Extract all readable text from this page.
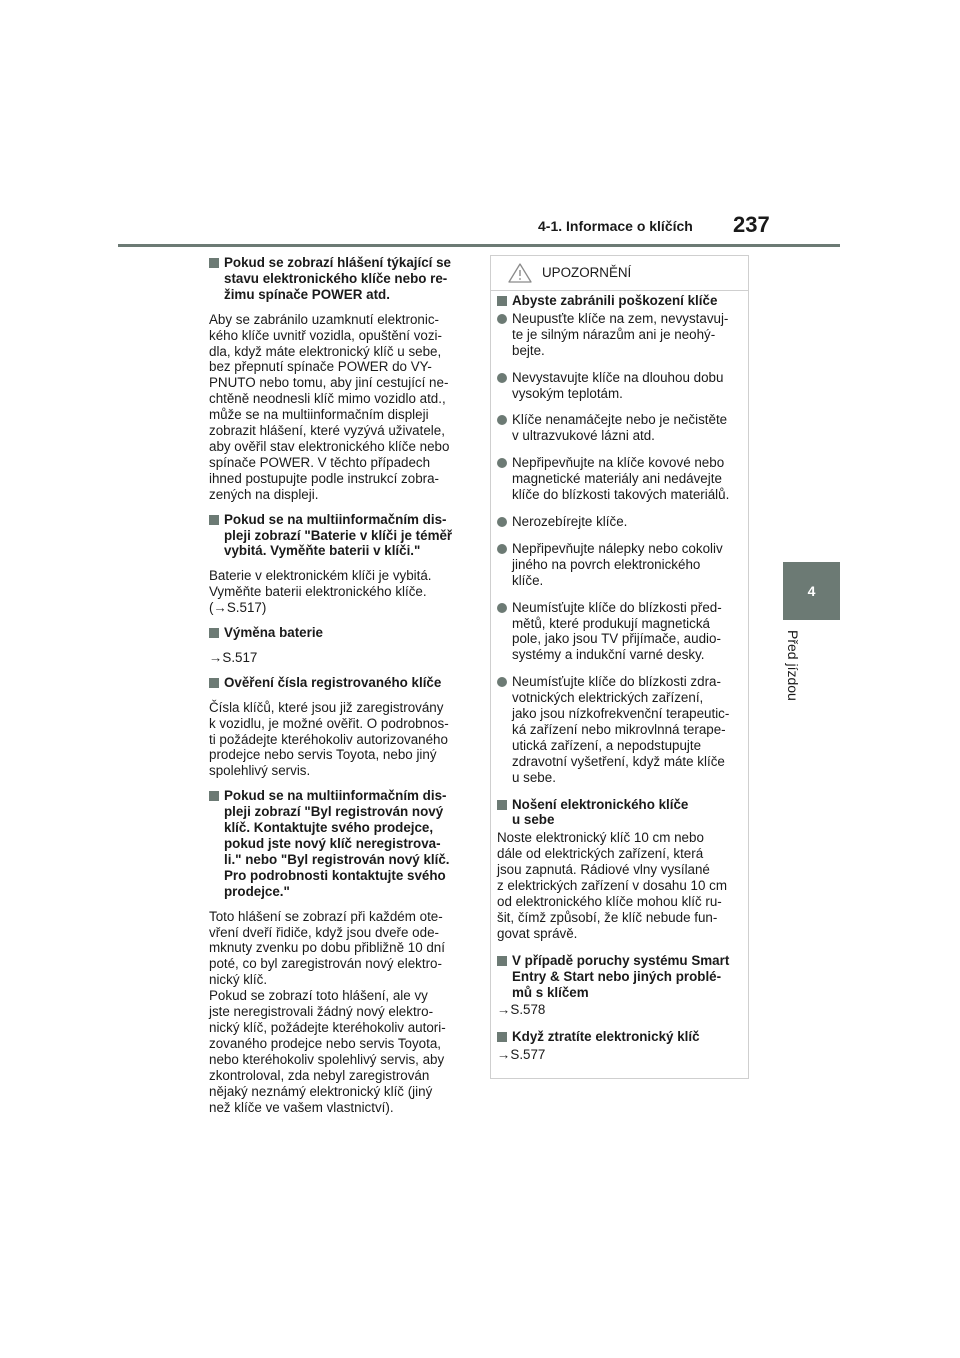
4-1. Informace o klíčích 237
4
Před jízdou
Pokud se zobrazí hlášení týkající se
stavu elektronického klíče nebo re-
žimu spínače POWER atd.
Aby se zabránilo uzamknutí elektronic-
kého klíče uvnitř vozidla, opuštění vozi-
dla, když máte elektronický klíč u sebe,
bez přepnutí spínače POWER do VY-
PNUTO nebo tomu, aby jiní cestující ne-
chtěně neodnesli klíč mimo vozidlo atd.,
může se na multiinformačním displeji
zobrazit hlášení, které vyzývá uživatele,
aby ověřil stav elektronického klíče nebo
spínače POWER. V těchto případech
ihned postupujte podle instrukcí zobra-
zených na displeji.
Pokud se na multiinformačním dis-
pleji zobrazí "Baterie v klíči je téměř
vybitá. Vyměňte baterii v klíči."
Baterie v elektronickém klíči je vybitá.
Vyměňte baterii elektronického klíče.
(→S.517)
Výměna baterie
→S.517
Ověření čísla registrovaného klíče
Čísla klíčů, které jsou již zaregistrovány
k vozidlu, je možné ověřit. O podrobnos-
ti požádejte kteréhokoliv autorizovaného
prodejce nebo servis Toyota, nebo jiný
spolehlivý servis.
Pokud se na multiinformačním dis-
pleji zobrazí "Byl registrován nový
klíč. Kontaktujte svého prodejce,
pokud jste nový klíč neregistrova-
li." nebo "Byl registrován nový klíč.
Pro podrobnosti kontaktujte svého
prodejce."
Toto hlášení se zobrazí při každém ote-
vření dveří řidiče, když jsou dveře ode-
mknuty zvenku po dobu přibližně 10 dní
poté, co byl zaregistrován nový elektro-
nický klíč.
Pokud se zobrazí toto hlášení, ale vy
jste neregistrovali žádný nový elektro-
nický klíč, požádejte kteréhokoliv autori-
zovaného prodejce nebo servis Toyota,
nebo kteréhokoliv spolehlivý servis, aby
zkontroloval, zda nebyl zaregistrován
nějaký neznámý elektronický klíč (jiný
než klíče ve vašem vlastnictví).
UPOZORNĚNÍ
Abyste zabránili poškození klíče
Neupusťte klíče na zem, nevystavuj-
te je silným nárazům ani je neohý-
bejte.
Nevystavujte klíče na dlouhou dobu
vysokým teplotám.
Klíče nenamáčejte nebo je nečistěte
v ultrazvukové lázni atd.
Nepřipevňujte na klíče kovové nebo
magnetické materiály ani nedávejte
klíče do blízkosti takových materiálů.
Nerozebírejte klíče.
Nepřipevňujte nálepky nebo cokoliv
jiného na povrch elektronického
klíče.
Neumísťujte klíče do blízkosti před-
mětů, které produkují magnetická
pole, jako jsou TV přijímače, audio-
systémy a indukční varné desky.
Neumísťujte klíče do blízkosti zdra-
votnických elektrických zařízení,
jako jsou nízkofrekvenční terapeutic-
ká zařízení nebo mikrovlnná terape-
utická zařízení, a nepodstupujte
zdravotní vyšetření, když máte klíče
u sebe.
Nošení elektronického klíče
u sebe
Noste elektronický klíč 10 cm nebo
dále od elektrických zařízení, která
jsou zapnutá. Rádiové vlny vysílané
z elektrických zařízení v dosahu 10 cm
od elektronického klíče mohou klíč ru-
šit, čímž způsobí, že klíč nebude fun-
govat správě.
V případě poruchy systému Smart
Entry & Start nebo jiných problé-
mů s klíčem
→S.578
Když ztratíte elektronický klíč
→S.577
